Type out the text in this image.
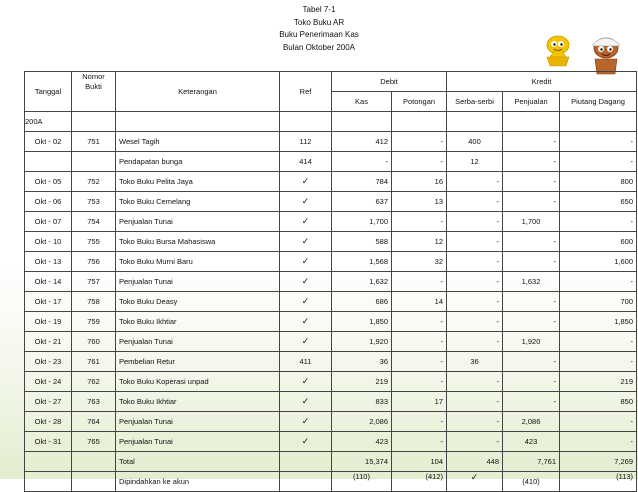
Tabel 7-1
Toko Buku AR
Buku Penerimaan Kas
Bulan Oktober 200A
Tanggal	Nomor Bukti	Keterangan	Ref	Debit		Kredit		
				Kas	Potongan	Serba-serbi	Penjualan	Piutang Dagang
200A								
Okt - 02	751	Wesel Tagih	112	412	-	400	-	-
		Pendapatan bunga	414	-	-	12	-	-
Okt - 05	752	Toko Buku Pelita Jaya	✓	784	16	-	-	800
Okt - 06	753	Toko Buku Cemelang	✓	637	13	-	-	650
Okt - 07	754	Penjualan Tunai	✓	1,700	-	-	1,700	-
Okt - 10	755	Toko Buku Bursa Mahasiswa	✓	588	12	-	-	600
Okt - 13	756	Toko Buku Murni Baru	✓	1,568	32	-	-	1,600
Okt - 14	757	Penjualan Tunai	✓	1,632	-	-	1,632	-
Okt - 17	758	Toko Buku Deasy	✓	686	14	-	-	700
Okt - 19	759	Toko Buku Ikhtiar	✓	1,850	-	-	-	1,850
Okt - 21	760	Penjualan Tunai	✓	1,920	-	-	1,920	-
Okt - 23	761	Pembelian Retur	411	36	-	36	-	-
Okt - 24	762	Toko Buku Koperasi unpad	✓	219	-	-	-	219
Okt - 27	763	Toko Buku Ikhtiar	✓	833	17	-	-	850
Okt - 28	764	Penjualan Tunai	✓	2,086	-	-	2,086	-
Okt - 31	765	Penjualan Tunai	✓	423	-	-	423	-
		Total		15,374	104	448	7,761	7,269
		Dipindahkan ke akun		(110)	(412)	✓	(410)	(113)
